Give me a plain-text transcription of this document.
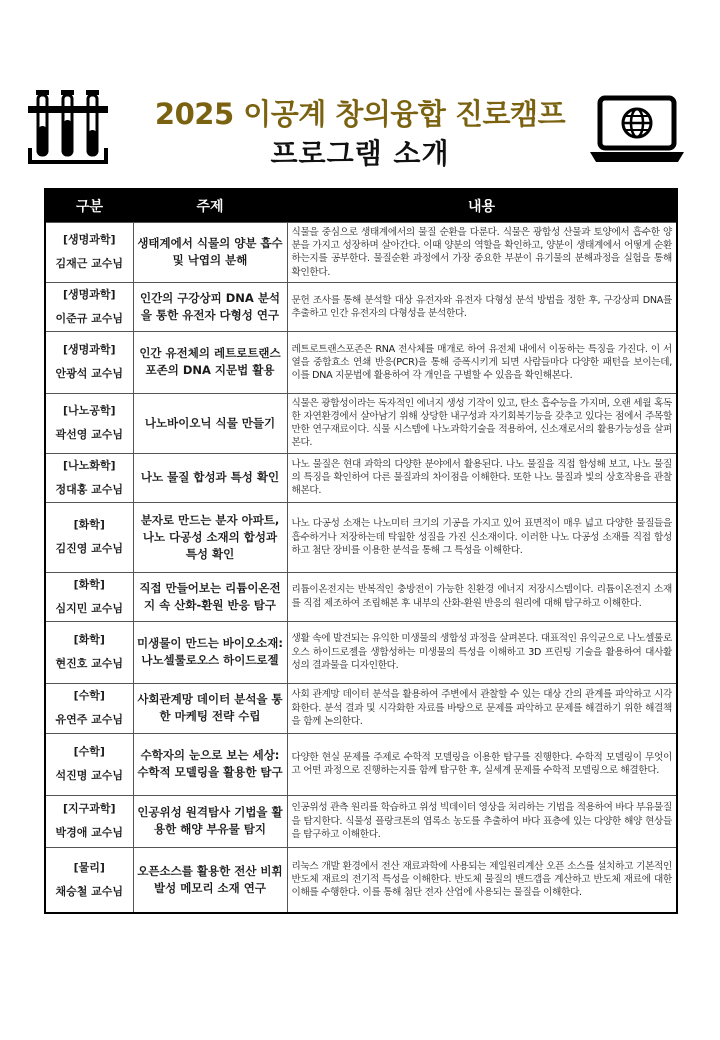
2025 이공계 창의융합 진로캠프
프로그램 소개
구분	주제	내용

[생명과학]
김재근 교수님	생태계에서 식물의 양분 흡수 및 낙엽의 분해	식물을 중심으로 생태계에서의 물질 순환을 다룬다. 식물은 광합성 산물과 토양에서 흡수한 양분을 가지고 성장하며 살아간다. 이때 양분의 역할을 확인하고, 양분이 생태계에서 어떻게 순환하는지를 공부한다. 물질순환 과정에서 가장 중요한 부분이 유기물의 분해과정을 실험을 통해 확인한다.

[생명과학]
이준규 교수님	인간의 구강상피 DNA 분석을 통한 유전자 다형성 연구	문헌 조사를 통해 분석할 대상 유전자와 유전자 다형성 분석 방법을 정한 후, 구강상피 DNA를 추출하고 인간 유전자의 다형성을 분석한다.

[생명과학]
안광석 교수님	인간 유전체의 레트로트랜스포존의 DNA 지문법 활용	레트로트랜스포존은 RNA 전사체를 매개로 하여 유전체 내에서 이동하는 특징을 가진다. 이 서열을 중합효소 연쇄 반응(PCR)을 통해 증폭시키게 되면 사람들마다 다양한 패턴을 보이는데, 이를 DNA 지문법에 활용하여 각 개인을 구별할 수 있음을 확인해본다.

[나노공학]
곽선영 교수님	나노바이오닉 식물 만들기	식물은 광합성이라는 독자적인 에너지 생성 기작이 있고, 탄소 흡수능을 가지며, 오랜 세월 혹독한 자연환경에서 살아남기 위해 상당한 내구성과 자기회복기능을 갖추고 있다는 점에서 주목할 만한 연구재료이다. 식물 시스템에 나노과학기술을 적용하여, 신소재로서의 활용가능성을 살펴본다.

[나노화학]
정대홍 교수님	나노 물질 합성과 특성 확인	나노 물질은 현대 과학의 다양한 분야에서 활용된다. 나노 물질을 직접 합성해 보고, 나노 물질의 특징을 확인하여 다른 물질과의 차이점을 이해한다. 또한 나노 물질과 빛의 상호작용을 관찰해본다.

[화학]
김진영 교수님	분자로 만드는 분자 아파트, 나노 다공성 소재의 합성과 특성 확인	나노 다공성 소재는 나노미터 크기의 기공을 가지고 있어 표면적이 매우 넓고 다양한 물질들을 흡수하거나 저장하는데 탁월한 성질을 가진 신소재이다. 이러한 나노 다공성 소재를 직접 합성하고 첨단 장비를 이용한 분석을 통해 그 특성을 이해한다.

[화학]
심지민 교수님	직접 만들어보는 리튬이온전지 속 산화-환원 반응 탐구	리튬이온전지는 반복적인 충방전이 가능한 친환경 에너지 저장시스템이다. 리튬이온전지 소재를 직접 제조하여 조립해본 후 내부의 산화-환원 반응의 원리에 대해 탐구하고 이해한다.

[화학]
현진호 교수님	미생물이 만드는 바이오소재: 나노셀룰로오스 하이드로젤	생활 속에 발견되는 유익한 미생물의 생합성 과정을 살펴본다. 대표적인 유익균으로 나노셀룰로오스 하이드로젤을 생합성하는 미생물의 특성을 이해하고 3D 프린팅 기술을 활용하여 대사활성의 결과물을 디자인한다.

[수학]
유연주 교수님	사회관계망 데이터 분석을 통한 마케팅 전략 수립	사회 관계망 데이터 분석을 활용하여 주변에서 관찰할 수 있는 대상 간의 관계를 파악하고 시각화한다. 분석 결과 및 시각화한 자료를 바탕으로 문제를 파악하고 문제를 해결하기 위한 해결책을 함께 논의한다.

[수학]
석진명 교수님	수학자의 눈으로 보는 세상: 수학적 모델링을 활용한 탐구	다양한 현실 문제를 주제로 수학적 모델링을 이용한 탐구를 진행한다. 수학적 모델링이 무엇이고 어떤 과정으로 진행하는지를 함께 탐구한 후, 실세계 문제를 수학적 모델링으로 해결한다.

[지구과학]
박경애 교수님	인공위성 원격탐사 기법을 활용한 해양 부유물 탐지	인공위성 관측 원리를 학습하고 위성 빅데이터 영상을 처리하는 기법을 적용하여 바다 부유물질을 탐지한다. 식물성 플랑크톤의 엽록소 농도를 추출하여 바다 표층에 있는 다양한 해양 현상들을 탐구하고 이해한다.

[물리]
채승철 교수님	오픈소스를 활용한 전산 비휘발성 메모리 소재 연구	리눅스 개발 환경에서 전산 재료과학에 사용되는 제일원리계산 오픈 소스를 설치하고 기본적인 반도체 재료의 전기적 특성을 이해한다. 반도체 물질의 밴드갭을 계산하고 반도체 재료에 대한 이해를 수행한다. 이를 통해 첨단 전자 산업에 사용되는 물질을 이해한다.
